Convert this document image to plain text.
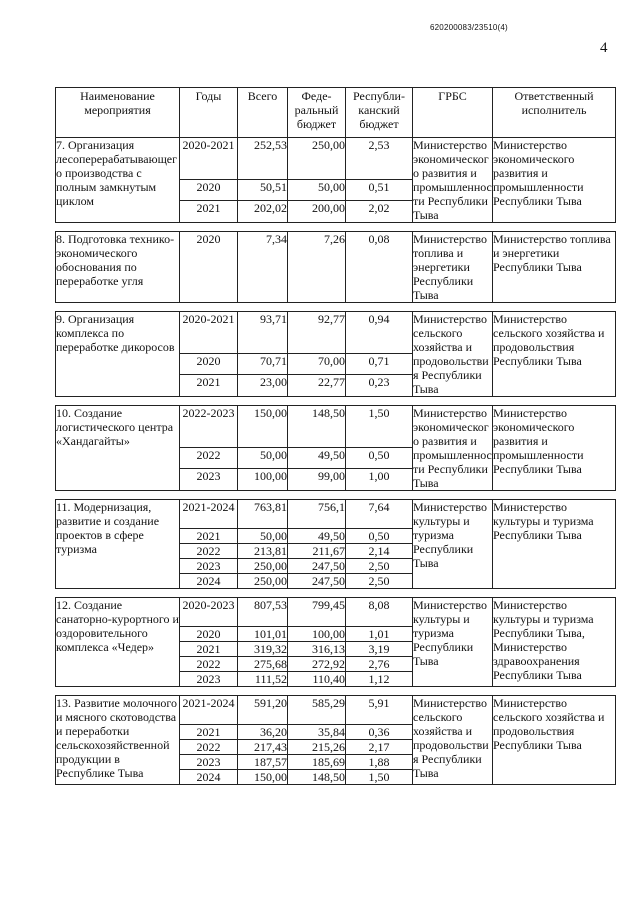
620200083/23510(4)
4
Наименование мероприятия	Годы	Всего	Феде-ральный бюджет	Республи-канский бюджет	ГРБС	Ответственный исполнитель
7. Организация лесоперерабатывающего производства с полным замкнутым циклом	2020-2021	252,53	250,00	2,53	Министерство экономического развития и промышленности Республики Тыва	Министерство экономического развития и промышленности Республики Тыва
	2020	50,51	50,00	0,51		
	2021	202,02	200,00	2,02		

8. Подготовка технико-экономического обоснования по переработке угля	2020	7,34	7,26	0,08	Министерство топлива и энергетики Республики Тыва	Министерство топлива и энергетики Республики Тыва

9. Организация комплекса по переработке дикоросов	2020-2021	93,71	92,77	0,94	Министерство сельского хозяйства и продовольствия Республики Тыва	Министерство сельского хозяйства и продовольствия Республики Тыва
	2020	70,71	70,00	0,71		
	2021	23,00	22,77	0,23		

10. Создание логистического центра «Хандагайты»	2022-2023	150,00	148,50	1,50	Министерство экономического развития и промышленности Республики Тыва	Министерство экономического развития и промышленности Республики Тыва
	2022	50,00	49,50	0,50		
	2023	100,00	99,00	1,00		

11. Модернизация, развитие и создание проектов в сфере туризма	2021-2024	763,81	756,1	7,64	Министерство культуры и туризма Республики Тыва	Министерство культуры и туризма Республики Тыва
	2021	50,00	49,50	0,50		
	2022	213,81	211,67	2,14		
	2023	250,00	247,50	2,50		
	2024	250,00	247,50	2,50		

12. Создание санаторно-курортного и оздоровительного комплекса «Чедер»	2020-2023	807,53	799,45	8,08	Министерство культуры и туризма Республики Тыва	Министерство культуры и туризма Республики Тыва, Министерство здравоохранения Республики Тыва
	2020	101,01	100,00	1,01		
	2021	319,32	316,13	3,19		
	2022	275,68	272,92	2,76		
	2023	111,52	110,40	1,12		

13. Развитие молочного и мясного скотоводства и переработки сельскохозяйственной продукции в Республике Тыва	2021-2024	591,20	585,29	5,91	Министерство сельского хозяйства и продовольствия Республики Тыва	Министерство сельского хозяйства и продовольствия Республики Тыва
	2021	36,20	35,84	0,36		
	2022	217,43	215,26	2,17		
	2023	187,57	185,69	1,88		
	2024	150,00	148,50	1,50		
